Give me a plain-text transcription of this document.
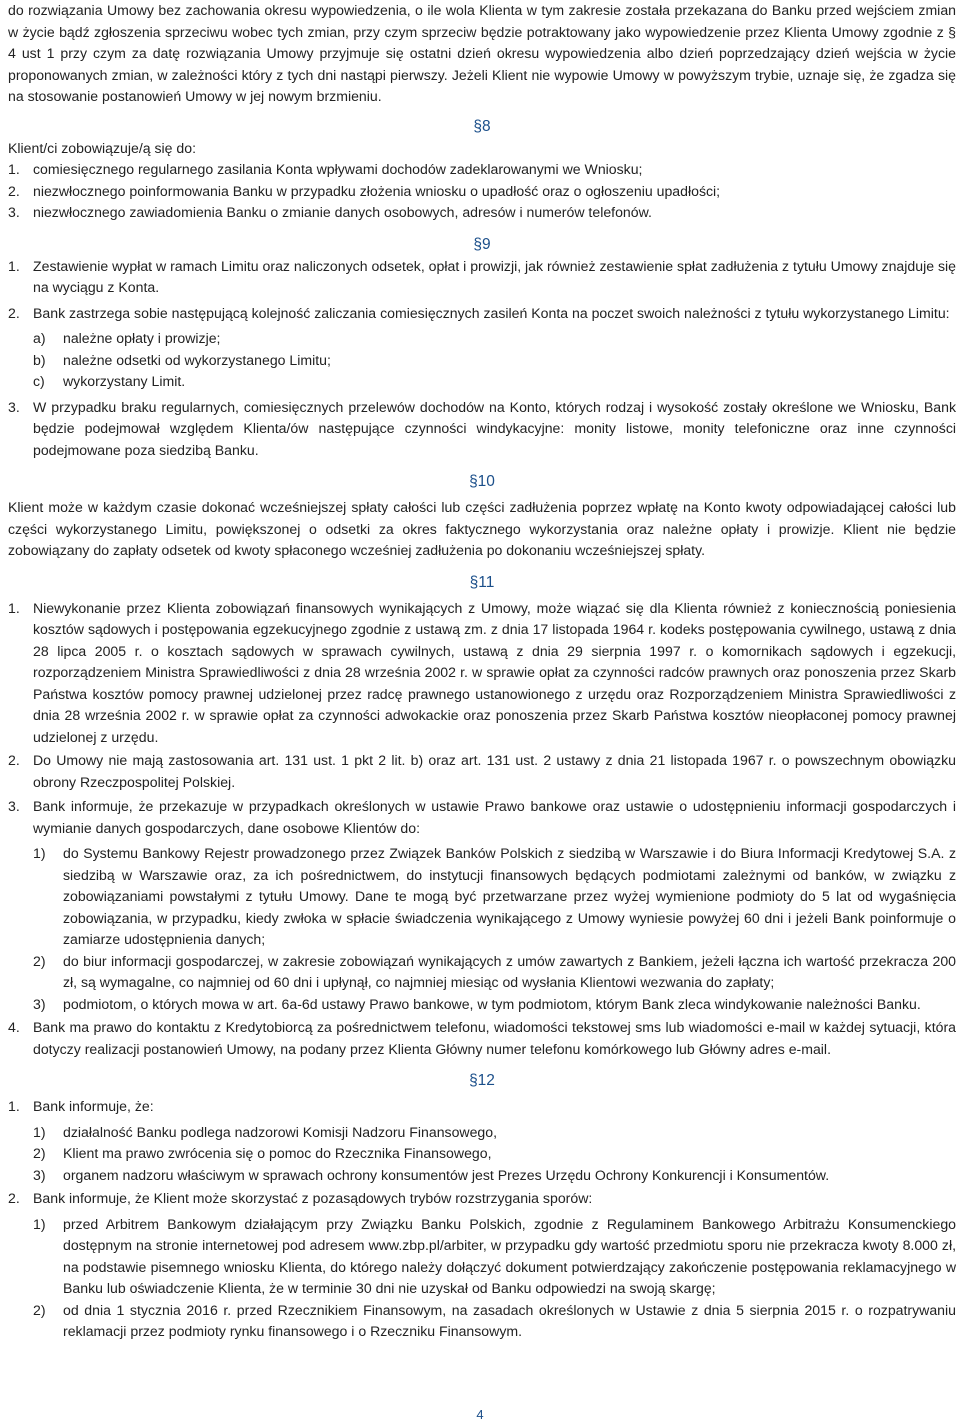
do rozwiązania Umowy bez zachowania okresu wypowiedzenia, o ile wola Klienta w tym zakresie została przekazana do Banku przed wejściem zmian w życie bądź zgłoszenia sprzeciwu wobec tych zmian, przy czym sprzeciw będzie potraktowany jako wypowiedzenie przez Klienta Umowy zgodnie z § 4 ust 1 przy czym za datę rozwiązania Umowy przyjmuje się ostatni dzień okresu wypowiedzenia albo dzień poprzedzający dzień wejścia w życie proponowanych zmian, w zależności który z tych dni nastąpi pierwszy. Jeżeli Klient nie wypowie Umowy w powyższym trybie, uznaje się, że zgadza się na stosowanie postanowień Umowy w jej nowym brzmieniu.

§8

Klient/ci zobowiązuje/ą się do:

1. comiesięcznego regularnego zasilania Konta wpływami dochodów zadeklarowanymi we Wniosku;
2. niezwłocznego poinformowania Banku w przypadku złożenia wniosku o upadłość oraz o ogłoszeniu upadłości;
3. niezwłocznego zawiadomienia Banku o zmianie danych osobowych, adresów i numerów telefonów.
§9
1. Zestawienie wypłat w ramach Limitu oraz naliczonych odsetek, opłat i prowizji, jak również zestawienie spłat zadłużenia z tytułu Umowy znajduje się na wyciągu z Konta.
2. Bank zastrzega sobie następującą kolejność zaliczania comiesięcznych zasileń Konta na poczet swoich należności z tytułu wykorzystanego Limitu:
a) należne opłaty i prowizje;
b) należne odsetki od wykorzystanego Limitu;
c) wykorzystany Limit.
3. W przypadku braku regularnych, comiesięcznych przelewów dochodów na Konto, których rodzaj i wysokość zostały określone we Wniosku, Bank będzie podejmował względem Klienta/ów następujące czynności windykacyjne: monity listowe, monity telefoniczne oraz inne czynności podejmowane poza siedzibą Banku.
§10

Klient może w każdym czasie dokonać wcześniejszej spłaty całości lub części zadłużenia poprzez wpłatę na Konto kwoty odpowiadającej całości lub części wykorzystanego Limitu, powiększonej o odsetki za okres faktycznego wykorzystania oraz należne opłaty i prowizje. Klient nie będzie zobowiązany do zapłaty odsetek od kwoty spłaconego wcześniej zadłużenia po dokonaniu wcześniejszej spłaty.

§11
1. Niewykonanie przez Klienta zobowiązań finansowych wynikających z Umowy, może wiązać się dla Klienta również z koniecznością poniesienia kosztów sądowych i postępowania egzekucyjnego zgodnie z ustawą zm. z dnia 17 listopada 1964 r. kodeks postępowania cywilnego, ustawą z dnia 28 lipca 2005 r. o kosztach sądowych w sprawach cywilnych, ustawą z dnia 29 sierpnia 1997 r. o komornikach sądowych i egzekucji, rozporządzeniem Ministra Sprawiedliwości z dnia 28 września 2002 r. w sprawie opłat za czynności radców prawnych oraz ponoszenia przez Skarb Państwa kosztów pomocy prawnej udzielonej przez radcę prawnego ustanowionego z urzędu oraz Rozporządzeniem Ministra Sprawiedliwości z dnia 28 września 2002 r. w sprawie opłat za czynności adwokackie oraz ponoszenia przez Skarb Państwa kosztów nieopłaconej pomocy prawnej udzielonej z urzędu.
2. Do Umowy nie mają zastosowania art. 131 ust. 1 pkt 2 lit. b) oraz art. 131 ust. 2 ustawy z dnia 21 listopada 1967 r. o powszechnym obowiązku obrony Rzeczpospolitej Polskiej.
3. Bank informuje, że przekazuje w przypadkach określonych w ustawie Prawo bankowe oraz ustawie o udostępnieniu informacji gospodarczych i wymianie danych gospodarczych, dane osobowe Klientów do:
1) do Systemu Bankowy Rejestr prowadzonego przez Związek Banków Polskich z siedzibą w Warszawie i do Biura Informacji Kredytowej S.A. z siedzibą w Warszawie oraz, za ich pośrednictwem, do instytucji finansowych będących podmiotami zależnymi od banków, w związku z zobowiązaniami powstałymi z tytułu Umowy. Dane te mogą być przetwarzane przez wyżej wymienione podmioty do 5 lat od wygaśnięcia zobowiązania, w przypadku, kiedy zwłoka w spłacie świadczenia wynikającego z Umowy wyniesie powyżej 60 dni i jeżeli Bank poinformuje o zamiarze udostępnienia danych;
2) do biur informacji gospodarczej, w zakresie zobowiązań wynikających z umów zawartych z Bankiem, jeżeli łączna ich wartość przekracza 200 zł, są wymagalne, co najmniej od 60 dni i upłynął, co najmniej miesiąc od wysłania Klientowi wezwania do zapłaty;
3) podmiotom, o których mowa w art. 6a-6d ustawy Prawo bankowe, w tym podmiotom, którym Bank zleca windykowanie należności Banku.
4. Bank ma prawo do kontaktu z Kredytobiorcą za pośrednictwem telefonu, wiadomości tekstowej sms lub wiadomości e-mail w każdej sytuacji, która dotyczy realizacji postanowień Umowy, na podany przez Klienta Główny numer telefonu komórkowego lub Główny adres e-mail.
§12
1. Bank informuje, że:
1) działalność Banku podlega nadzorowi Komisji Nadzoru Finansowego,
2) Klient ma prawo zwrócenia się o pomoc do Rzecznika Finansowego,
3) organem nadzoru właściwym w sprawach ochrony konsumentów jest Prezes Urzędu Ochrony Konkurencji i Konsumentów.
2. Bank informuje, że Klient może skorzystać z pozasądowych trybów rozstrzygania sporów:
1) przed Arbitrem Bankowym działającym przy Związku Banku Polskich, zgodnie z Regulaminem Bankowego Arbitrażu Konsumenckiego dostępnym na stronie internetowej pod adresem www.zbp.pl/arbiter, w przypadku gdy wartość przedmiotu sporu nie przekracza kwoty 8.000 zł, na podstawie pisemnego wniosku Klienta, do którego należy dołączyć dokument potwierdzający zakończenie postępowania reklamacyjnego w Banku lub oświadczenie Klienta, że w terminie 30 dni nie uzyskał od Banku odpowiedzi na swoją skargę;
2) od dnia 1 stycznia 2016 r. przed Rzecznikiem Finansowym, na zasadach określonych w Ustawie z dnia 5 sierpnia 2015 r. o rozpatrywaniu reklamacji przez podmioty rynku finansowego i o Rzeczniku Finansowym.
4
